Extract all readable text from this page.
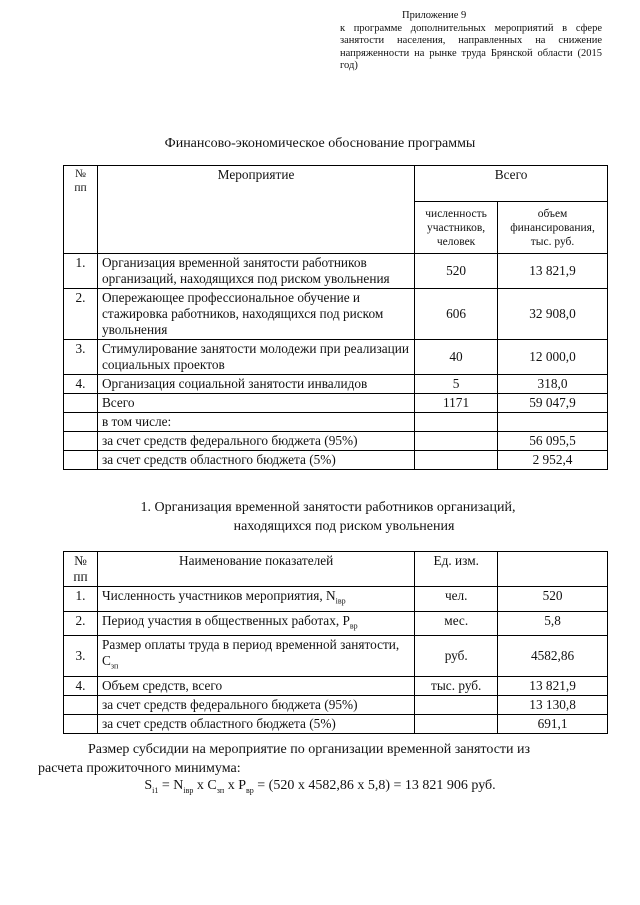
Приложение 9
к программе дополнительных мероприятий в сфере занятости населения, направленных на снижение напряженности на рынке труда Брянской области (2015 год)
Финансово-экономическое обоснование программы
№ пп	Мероприятие	Всего	
		численность участников, человек	объем финансирования, тыс. руб.
1.	Организация временной занятости работников организаций, находящихся под риском увольнения	520	13 821,9
2.	Опережающее профессиональное обучение и стажировка работников, находящихся под риском увольнения	606	32 908,0
3.	Стимулирование занятости молодежи при реализации социальных проектов	40	12 000,0
4.	Организация социальной занятости инвалидов	5	318,0
	Всего	1171	59 047,9
	в том числе:		
	за счет средств федерального бюджета (95%)		56 095,5
	за счет средств областного бюджета (5%)		2 952,4
1. Организация временной занятости работников организаций,
находящихся под риском увольнения
№ пп	Наименование показателей	Ед. изм.	
1.	Численность участников мероприятия, $N_{iвр}$	чел.	520
2.	Период участия в общественных работах, $P_{вр}$	мес.	5,8
3.	Размер оплаты труда в период временной занятости, $C_{зп}$	руб.	4582,86
4.	Объем средств, всего	тыс. руб.	13 821,9
	за счет средств федерального бюджета (95%)		13 130,8
	за счет средств областного бюджета (5%)		691,1
Размер субсидии на мероприятие по организации временной занятости из
расчета прожиточного минимума:
$S_{i1} = N_{iвр}$ x $C_{зп}$ x $P_{вр} = (520$ x 4582,86 x 5,8) = 13 821 906 руб.
